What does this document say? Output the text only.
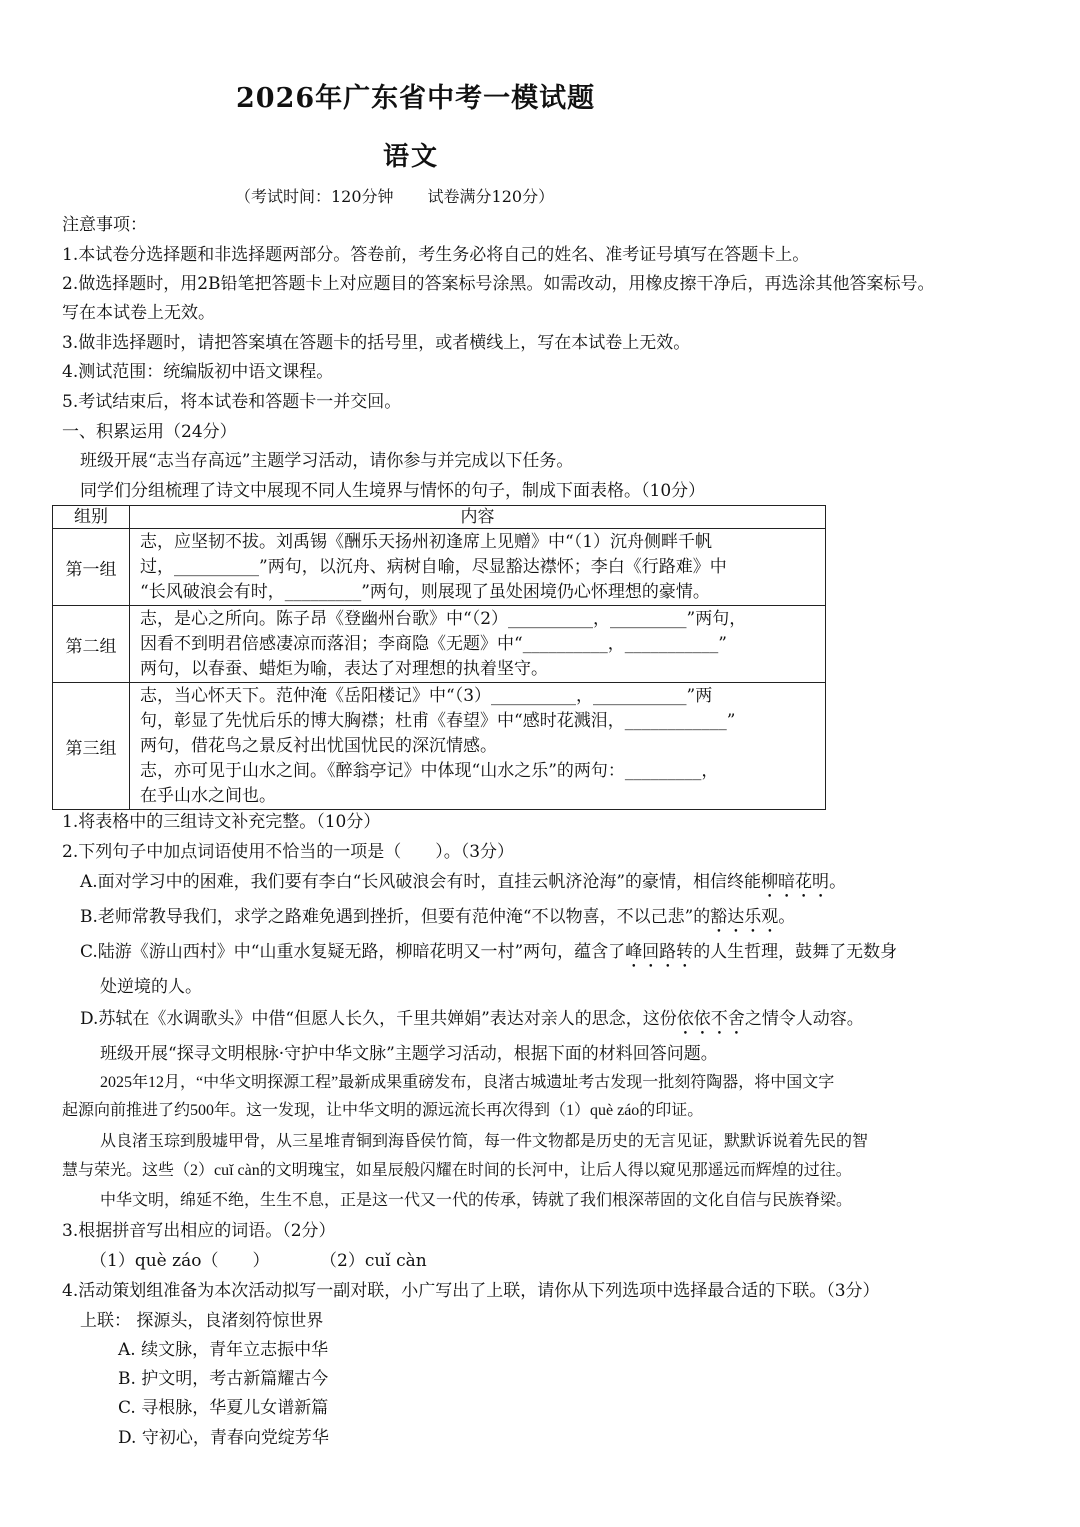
2026年广东省中考一模试题
语文
（考试时间：120分钟 试卷满分120分）
注意事项：
1.本试卷分选择题和非选择题两部分。答卷前，考生务必将自己的姓名、准考证号填写在答题卡上。
2.做选择题时，用2B铅笔把答题卡上对应题目的答案标号涂黑。如需改动，用橡皮擦干净后，再选涂其他答案标号。
写在本试卷上无效。
3.做非选择题时，请把答案填在答题卡的括号里，或者横线上，写在本试卷上无效。
4.测试范围：统编版初中语文课程。
5.考试结束后，将本试卷和答题卡一并交回。
一、积累运用（24分）
班级开展“志当存高远”主题学习活动，请你参与并完成以下任务。
同学们分组梳理了诗文中展现不同人生境界与情怀的句子，制成下面表格。（10分）
组别	内容
第一组	志，应坚韧不拔。刘禹锡《酬乐天扬州初逢席上见赠》中“（1）沉舟侧畔千帆
过，__________”两句，以沉舟、病树自喻，尽显豁达襟怀；李白《行路难》中
“长风破浪会有时，_________”两句，则展现了虽处困境仍心怀理想的豪情。

第二组	志，是心之所向。陈子昂《登幽州台歌》中“（2）__________，_________”两句，
因看不到明君倍感凄凉而落泪；李商隐《无题》中“__________，___________”
两句，以春蚕、蜡炬为喻，表达了对理想的执着坚守。

第三组	志，当心怀天下。范仲淹《岳阳楼记》中“（3）__________，___________”两
句，彰显了先忧后乐的博大胸襟；杜甫《春望》中“感时花溅泪，____________”
两句，借花鸟之景反衬出忧国忧民的深沉情感。
志，亦可见于山水之间。《醉翁亭记》中体现“山水之乐”的两句：_________，
在乎山水之间也。
1.将表格中的三组诗文补充完整。（10分）
2.下列句子中加点词语使用不恰当的一项是（　　）。（3分）
A.面对学习中的困难，我们要有李白“长风破浪会有时，直挂云帆济沧海”的豪情，相信终能柳暗花明。
B.老师常教导我们，求学之路难免遇到挫折，但要有范仲淹“不以物喜，不以己悲”的豁达乐观。
C.陆游《游山西村》中“山重水复疑无路，柳暗花明又一村”两句，蕴含了峰回路转的人生哲理，鼓舞了无数身
处逆境的人。
D.苏轼在《水调歌头》中借“但愿人长久，千里共婵娟”表达对亲人的思念，这份依依不舍之情令人动容。
班级开展“探寻文明根脉·守护中华文脉”主题学习活动，根据下面的材料回答问题。
2025年12月，“中华文明探源工程”最新成果重磅发布，良渚古城遗址考古发现一批刻符陶器，将中国文字
起源向前推进了约500年。这一发现，让中华文明的源远流长再次得到（1）què záo的印证。
从良渚玉琮到殷墟甲骨，从三星堆青铜到海昏侯竹简，每一件文物都是历史的无言见证，默默诉说着先民的智
慧与荣光。这些（2）cuǐ càn的文明瑰宝，如星辰般闪耀在时间的长河中，让后人得以窥见那遥远而辉煌的过往。
中华文明，绵延不绝，生生不息，正是这一代又一代的传承，铸就了我们根深蒂固的文化自信与民族脊梁。
3.根据拼音写出相应的词语。（2分）
（1）què záo（　　）	（2）cuǐ càn
4.活动策划组准备为本次活动拟写一副对联，小广写出了上联，请你从下列选项中选择最合适的下联。（3分）
上联： 探源头，良渚刻符惊世界
A. 续文脉，青年立志振中华
B. 护文明，考古新篇耀古今
C. 寻根脉，华夏儿女谱新篇
D. 守初心，青春向党绽芳华
